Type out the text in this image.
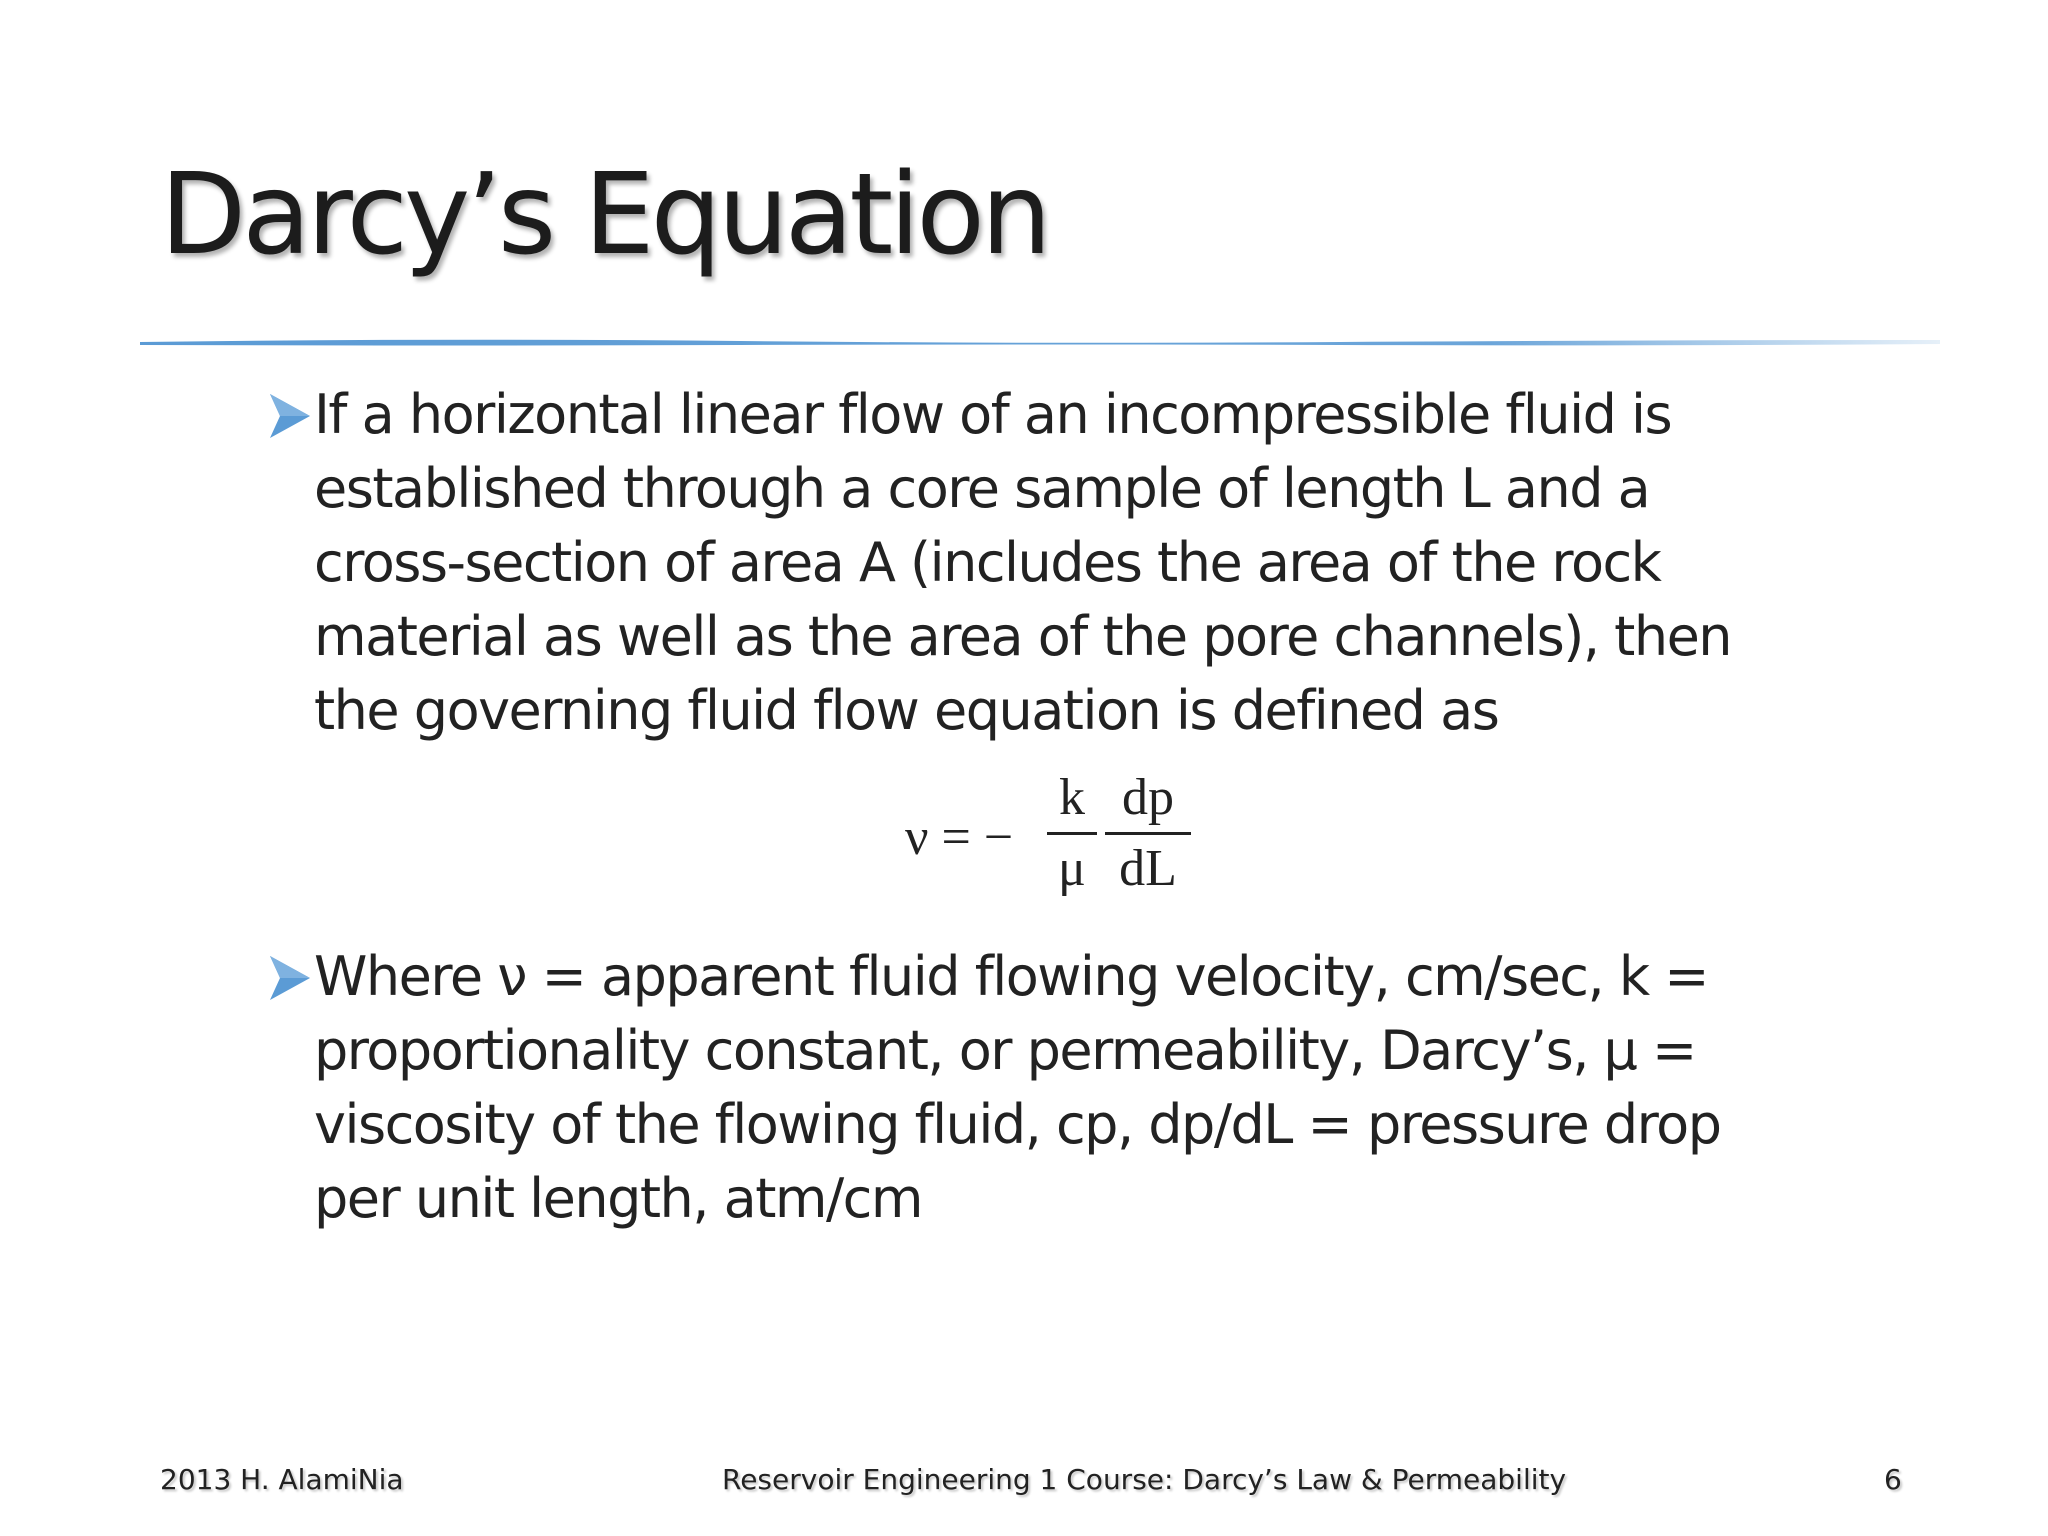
Darcy’s Equation
If a horizontal linear flow of an incompressible fluid is
established through a core sample of length L and a
cross-section of area A (includes the area of the rock
material as well as the area of the pore channels), then
the governing fluid flow equation is defined as
ν = −
k
μ
dp
dL
Where ν = apparent fluid flowing velocity, cm/sec, k =
proportionality constant, or permeability, Darcy’s, μ =
viscosity of the flowing fluid, cp, dp/dL = pressure drop
per unit length, atm/cm
2013 H. AlamiNia	Reservoir Engineering 1 Course: Darcy’s Law & Permeability	6
